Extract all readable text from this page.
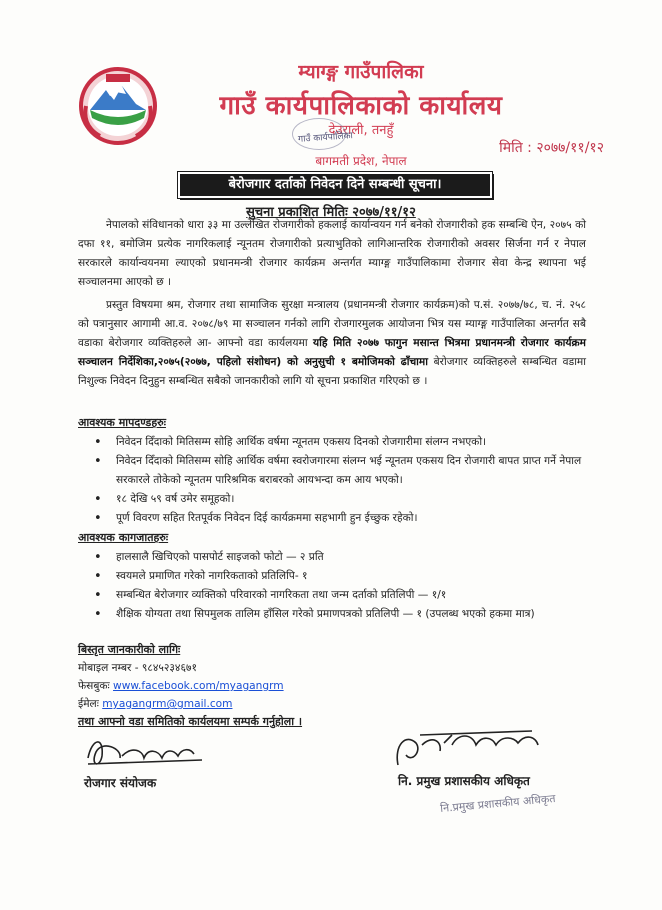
म्याग्ङ्ग गाउँपालिका
गाउँ कार्यपालिकाको कार्यालय
देउराली, तनहुँ
गाउँ कार्यपालिका
बागमती प्रदेश, नेपाल
मिति : २०७७/११/१२
बेरोजगार दर्ताको निवेदन दिने सम्बन्धी सूचना।
सुचना प्रकाशित मितिः २०७७/११/१२
नेपालको संविधानको धारा ३३ मा उल्लेखित रोजगारीको हकलाई कार्यान्वयन गर्न बनेको रोजगारीको हक सम्बन्धि ऐन, २०७५ को दफा ११, बमोजिम प्रत्येक नागरिकलाई न्यूनतम रोजगारीको प्रत्याभुतिको लागिआन्तरिक रोजगारीको अवसर सिर्जना गर्न र नेपाल सरकारले कार्यान्वयनमा ल्याएको प्रधानमन्त्री रोजगार कार्यक्रम अन्तर्गत म्याग्ङ्ग गाउँपालिकामा रोजगार सेवा केन्द्र स्थापना भई सञ्चालनमा आएको छ ।
प्रस्तुत विषयमा श्रम, रोजगार तथा सामाजिक सुरक्षा मन्त्रालय (प्रधानमन्त्री रोजगार कार्यक्रम)को प.सं. २०७७/७८, च. नं. २५८ को पत्रानुसार आगामी आ.व. २०७८/७९ मा सञ्चालन गर्नको लागि रोजगारमुलक आयोजना भित्र यस म्याग्ङ्ग गाउँपालिका अन्तर्गत सबै वडाका बेरोजगार व्यक्तिहरुले आ- आफ्नो वडा कार्यलयमा यहि मिति २०७७ फागुन मसान्त भित्रमा प्रधानमन्त्री रोजगार कार्यक्रम सञ्चालन निर्देशिका,२०७५(२०७७, पहिलो संशोधन) को अनुसुची १ बमोजिमको ढाँचामा बेरोजगार व्यक्तिहरुले सम्बन्धित वडामा निशुल्क निवेदन दिनुहुन सम्बन्धित सबैको जानकारीको लागि यो सूचना प्रकाशित गरिएको छ ।
आवश्यक मापदण्डहरुः
• निवेदन दिँदाको मितिसम्म सोहि आर्थिक वर्षमा न्यूनतम एकसय दिनको रोजगारीमा संलग्न नभएको।
• निवेदन दिँदाको मितिसम्म सोहि आर्थिक वर्षमा स्वरोजगारमा संलग्न भई न्यूनतम एकसय दिन रोजगारी बापत प्राप्त गर्ने नेपाल सरकारले तोकेको न्यूनतम पारिश्रमिक बराबरको आयभन्दा कम आय भएको।
• १८ देखि ५९ वर्ष उमेर समूहको।
• पूर्ण विवरण सहित रितपूर्वक निवेदन दिई कार्यक्रममा सहभागी हुन ईच्छुक रहेको।
आवश्यक कागजातहरुः
• हालसालै खिचिएको पासपोर्ट साइजको फोटो — २ प्रति
• स्वयमले प्रमाणित गरेको नागरिकताको प्रतिलिपि- १
• सम्बन्धित बेरोजगार व्यक्तिको परिवारको नागरिकता तथा जन्म दर्ताको प्रतिलिपी — १/१
• शैक्षिक योग्यता तथा सिपमुलक तालिम हाँसिल गरेको प्रमाणपत्रको प्रतिलिपी — १ (उपलब्ध भएको हकमा मात्र)
बिस्तृत जानकारीको लागिः
मोबाइल नम्बर - ९८४५२३४६७१
फेसबुकः www.facebook.com/myagangrm
ईमेलः myagangrm@gmail.com
तथा आफ्नो वडा समितिको कार्यलयमा सम्पर्क गर्नुहोला ।
रोजगार संयोजक	नि. प्रमुख प्रशासकीय अधिकृत
नि.प्रमुख प्रशासकीय अधिकृत
